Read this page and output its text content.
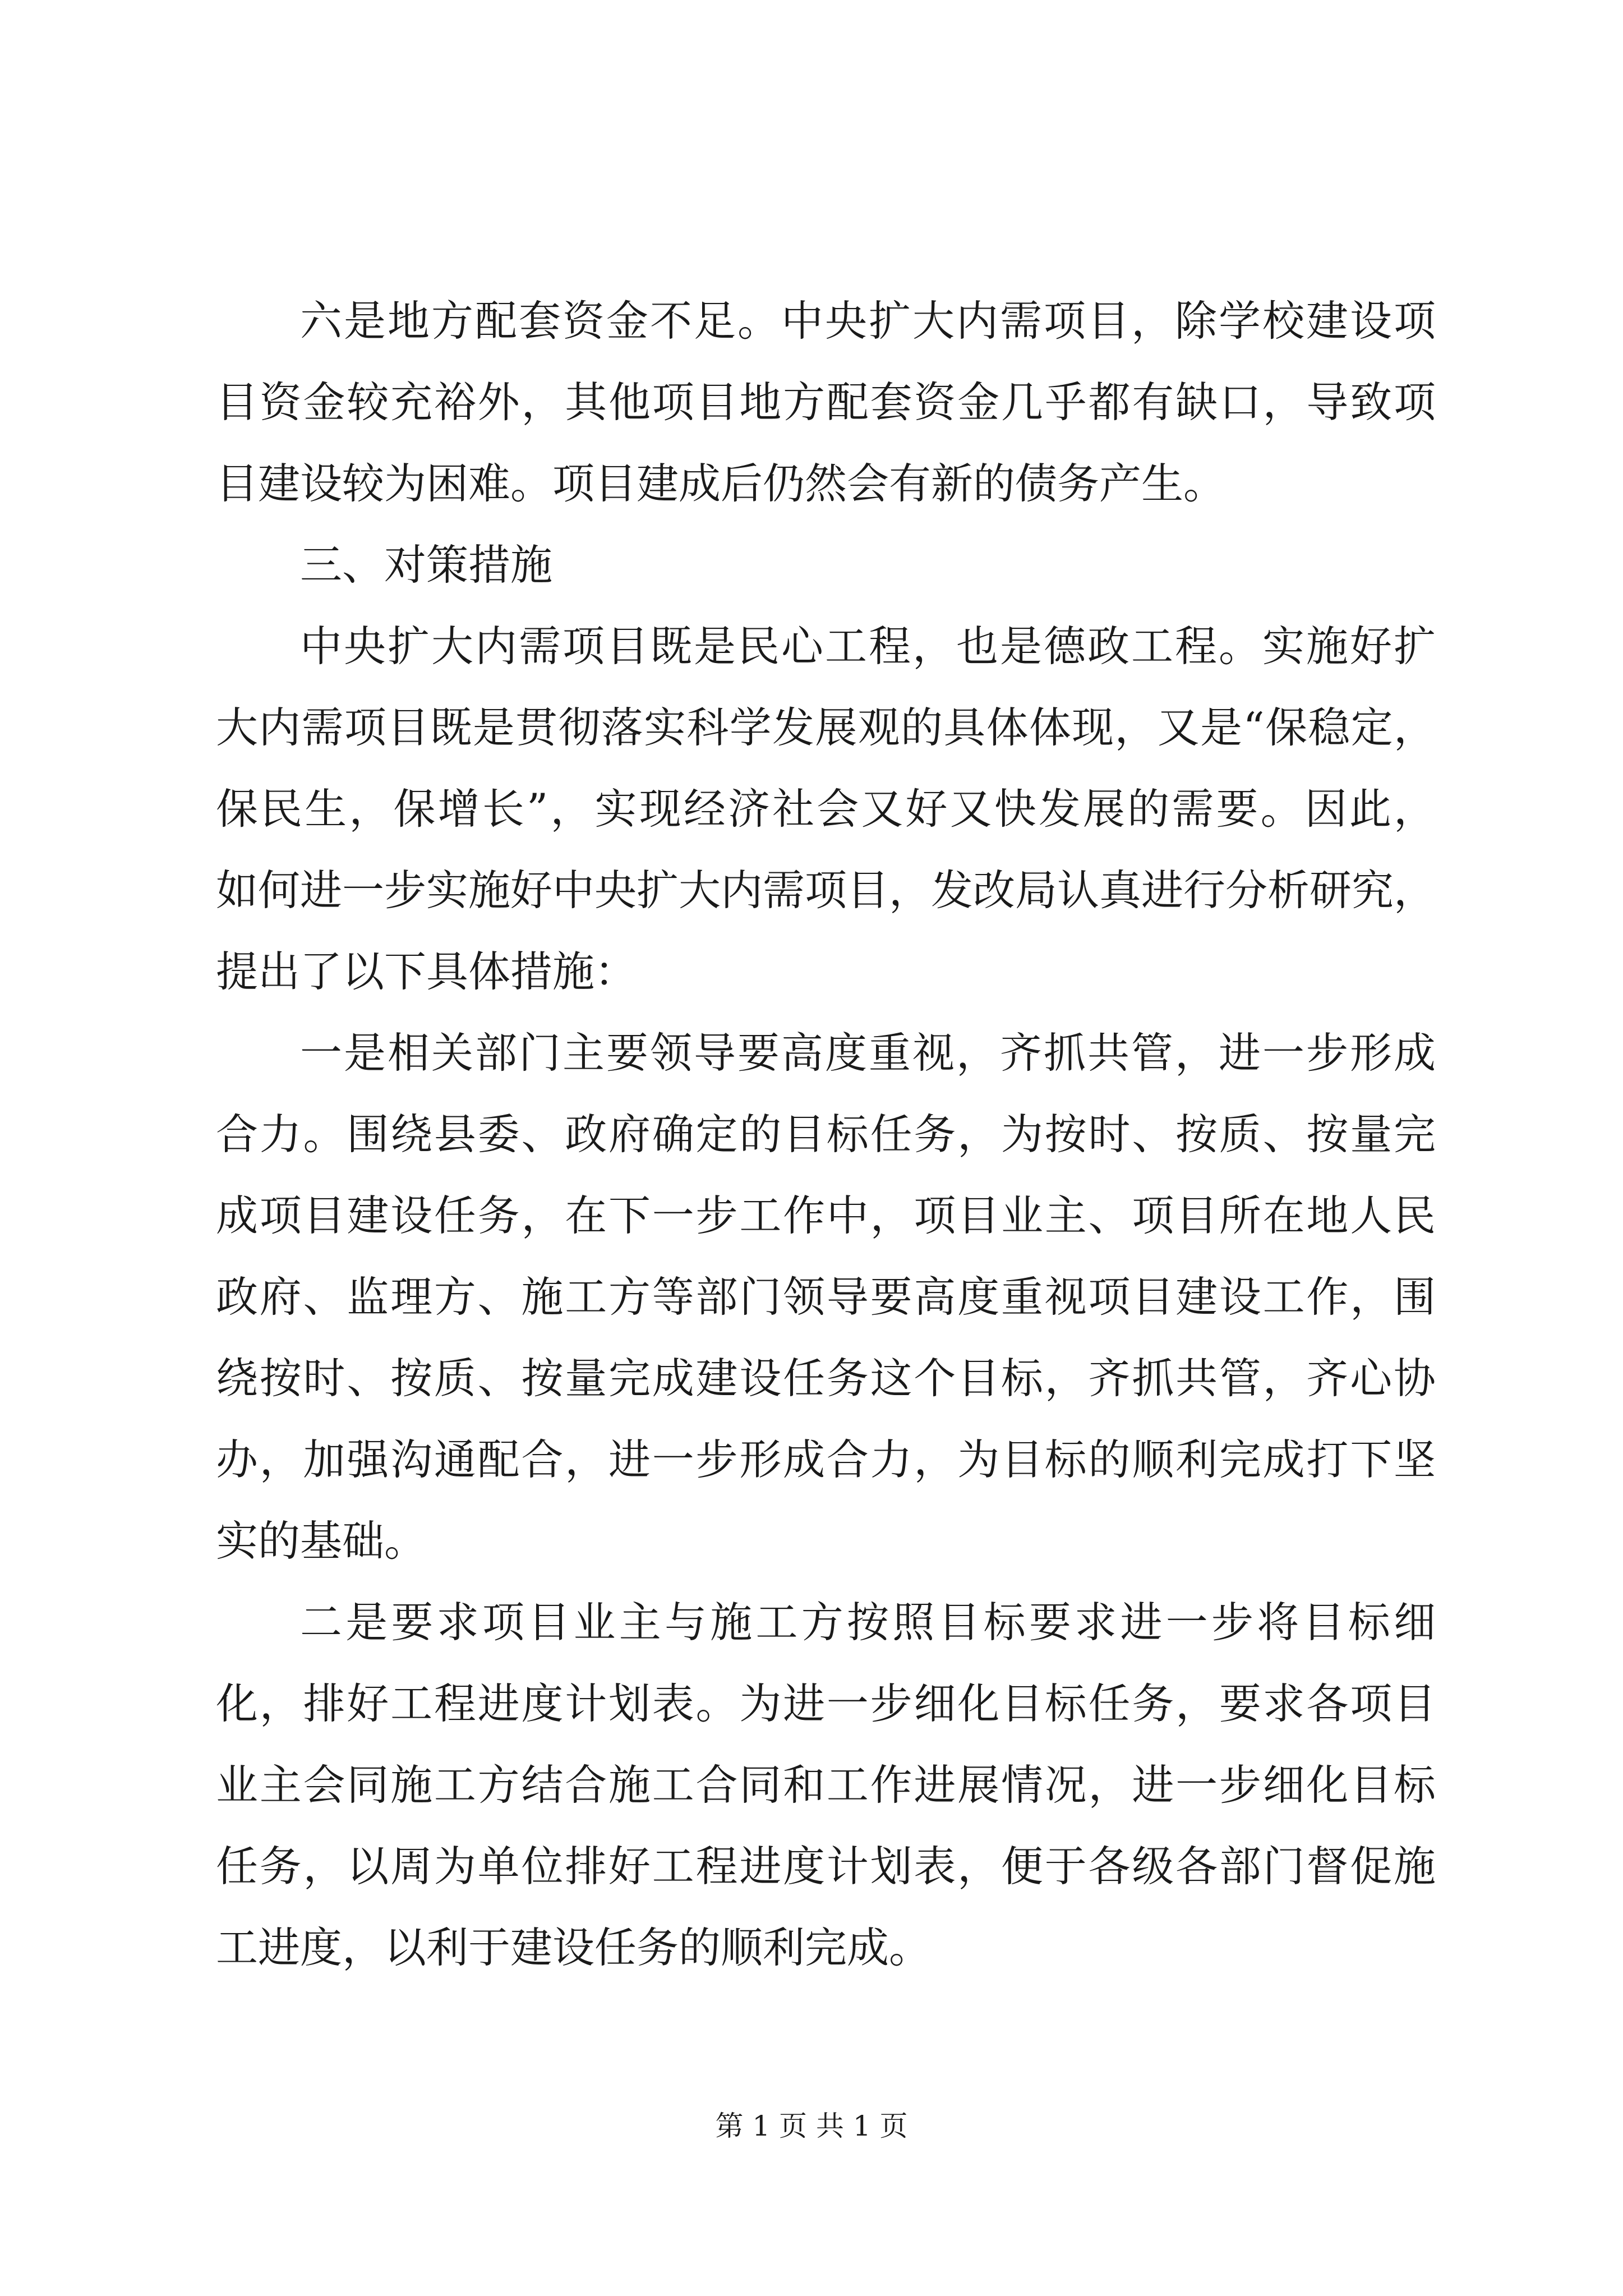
六是地方配套资金不足。中央扩大内需项目，除学校建设项
目资金较充裕外，其他项目地方配套资金几乎都有缺口，导致项
目建设较为困难。项目建成后仍然会有新的债务产生。
三、对策措施
中央扩大内需项目既是民心工程，也是德政工程。实施好扩
大内需项目既是贯彻落实科学发展观的具体体现，又是“保稳定，
保民生，保增长”，实现经济社会又好又快发展的需要。因此，
如何进一步实施好中央扩大内需项目，发改局认真进行分析研究，
提出了以下具体措施：
一是相关部门主要领导要高度重视，齐抓共管，进一步形成
合力。围绕县委、政府确定的目标任务，为按时、按质、按量完
成项目建设任务，在下一步工作中，项目业主、项目所在地人民
政府、监理方、施工方等部门领导要高度重视项目建设工作，围
绕按时、按质、按量完成建设任务这个目标，齐抓共管，齐心协
办，加强沟通配合，进一步形成合力，为目标的顺利完成打下坚
实的基础。
二是要求项目业主与施工方按照目标要求进一步将目标细
化，排好工程进度计划表。为进一步细化目标任务，要求各项目
业主会同施工方结合施工合同和工作进展情况，进一步细化目标
任务，以周为单位排好工程进度计划表，便于各级各部门督促施
工进度，以利于建设任务的顺利完成。
第 1 页 共 1 页
